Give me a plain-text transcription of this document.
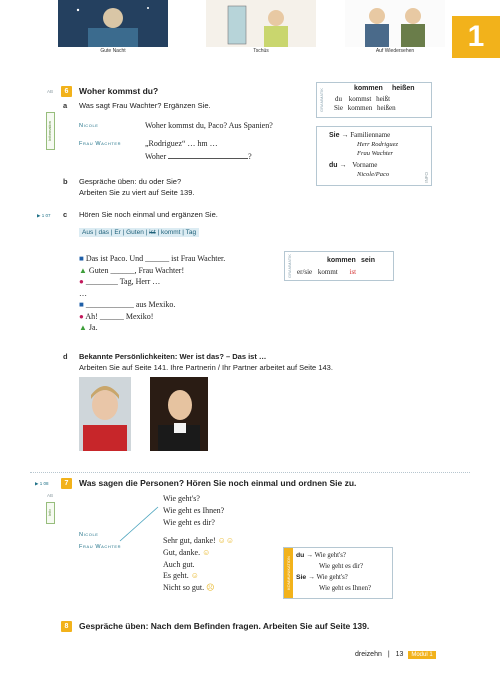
Gute Nacht	Tschüs	Auf Wiedersehen	1
AB	6	Woher kommst du?
Information
a Was sagt Frau Wachter? Ergänzen Sie.
Nicole	Woher kommst du, Paco? Aus Spanien?
Frau Wachter	„Rodriguez“ … hm …
Woher	?
b Gespräche üben: du oder Sie?
Arbeiten Sie zu viert auf Seite 139.
▶ 1 07 c Hören Sie noch einmal und ergänzen Sie.
Aus | das | Er | Guten | ist | kommt | Tag
■ Das ist Paco. Und ______ ist Frau Wachter.
▲ Guten ______, Frau Wachter!
● ________ Tag, Herr …
…
■ ____________ aus Mexiko.
● Ah! ______ Mexiko!
▲ Ja.
d Bekannte Persönlichkeiten: Wer ist das? – Das ist …
Arbeiten Sie auf Seite 141. Ihre Partnerin / Ihr Partner arbeitet auf Seite 143.
GRAMMATIK	kommen heißen
du kommst heißt
Sie kommen heißen
Sie → Familienname
Herr Rodriguez
Frau Wachter
du → Vorname
Nicole/Paco	INFO
GRAMMATIK	kommen sein
er/sie kommt ist
▶ 1 08	7	Was sagen die Personen? Hören Sie noch einmal und ordnen Sie zu.
AB
Info
Nicole
Frau Wachter
Wie geht's?
Wie geht es Ihnen?
Wie geht es dir?
Sehr gut, danke! ☺☺
Gut, danke. ☺
Auch gut.
Es geht. ☺
Nicht so gut. ☹	KOMMUNIKATION
du → Wie geht's?
Wie geht es dir?
Sie → Wie geht's?
Wie geht es Ihnen?
8	Gespräche üben: Nach dem Befinden fragen. Arbeiten Sie auf Seite 139.
dreizehn | 13 Modul 1
